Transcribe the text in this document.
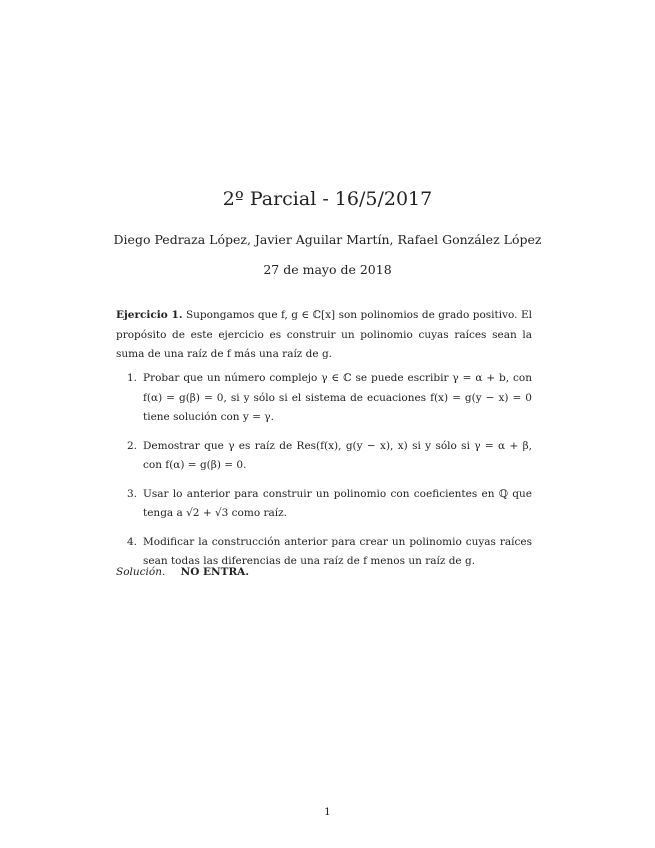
2º Parcial - 16/5/2017
Diego Pedraza López, Javier Aguilar Martín, Rafael González López
27 de mayo de 2018
Ejercicio 1. Supongamos que f, g ∈ ℂ[x] son polinomios de grado positivo. El propósito de este ejercicio es construir un polinomio cuyas raíces sean la suma de una raíz de f más una raíz de g.
1. Probar que un número complejo γ ∈ ℂ se puede escribir γ = α + b, con f(α) = g(β) = 0, si y sólo si el sistema de ecuaciones f(x) = g(y − x) = 0 tiene solución con y = γ.
2. Demostrar que γ es raíz de Res(f(x), g(y − x), x) si y sólo si γ = α + β, con f(α) = g(β) = 0.
3. Usar lo anterior para construir un polinomio con coeficientes en ℚ que tenga a √2 + √3 como raíz.
4. Modificar la construcción anterior para crear un polinomio cuyas raíces sean todas las diferencias de una raíz de f menos un raíz de g.
Solución. NO ENTRA.
1
